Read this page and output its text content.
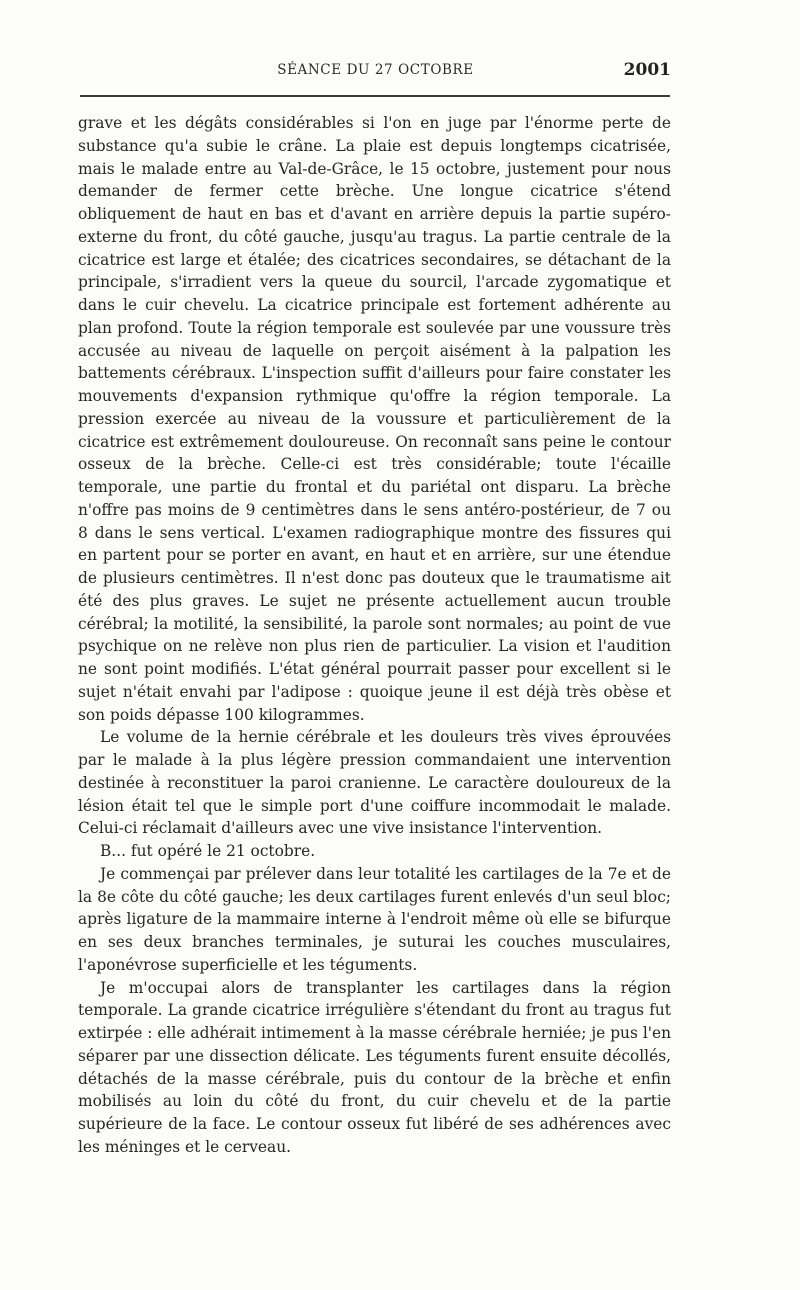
SÉANCE DU 27 OCTOBRE	2001

grave et les dégâts considérables si l'on en juge par l'énorme perte de substance qu'a subie le crâne. La plaie est depuis longtemps cicatrisée, mais le malade entre au Val-de-Grâce, le 15 octobre, justement pour nous demander de fermer cette brèche. Une longue cicatrice s'étend obliquement de haut en bas et d'avant en arrière depuis la partie supéro-externe du front, du côté gauche, jusqu'au tragus. La partie centrale de la cicatrice est large et étalée; des cicatrices secondaires, se détachant de la principale, s'irradient vers la queue du sourcil, l'arcade zygomatique et dans le cuir chevelu. La cicatrice principale est fortement adhérente au plan profond. Toute la région temporale est soulevée par une voussure très accusée au niveau de laquelle on perçoit aisément à la palpation les battements cérébraux. L'inspection suffit d'ailleurs pour faire constater les mouvements d'expansion rythmique qu'offre la région temporale. La pression exercée au niveau de la voussure et particulièrement de la cicatrice est extrêmement douloureuse. On reconnaît sans peine le contour osseux de la brèche. Celle-ci est très considérable; toute l'écaille temporale, une partie du frontal et du pariétal ont disparu. La brèche n'offre pas moins de 9 centimètres dans le sens antéro-postérieur, de 7 ou 8 dans le sens vertical. L'examen radiographique montre des fissures qui en partent pour se porter en avant, en haut et en arrière, sur une étendue de plusieurs centimètres. Il n'est donc pas douteux que le traumatisme ait été des plus graves. Le sujet ne présente actuellement aucun trouble cérébral; la motilité, la sensibilité, la parole sont normales; au point de vue psychique on ne relève non plus rien de particulier. La vision et l'audition ne sont point modifiés. L'état général pourrait passer pour excellent si le sujet n'était envahi par l'adipose : quoique jeune il est déjà très obèse et son poids dépasse 100 kilogrammes.

Le volume de la hernie cérébrale et les douleurs très vives éprouvées par le malade à la plus légère pression commandaient une intervention destinée à reconstituer la paroi cranienne. Le caractère douloureux de la lésion était tel que le simple port d'une coiffure incommodait le malade. Celui-ci réclamait d'ailleurs avec une vive insistance l'intervention.

B... fut opéré le 21 octobre.

Je commençai par prélever dans leur totalité les cartilages de la 7e et de la 8e côte du côté gauche; les deux cartilages furent enlevés d'un seul bloc; après ligature de la mammaire interne à l'endroit même où elle se bifurque en ses deux branches terminales, je suturai les couches musculaires, l'aponévrose superficielle et les téguments.

Je m'occupai alors de transplanter les cartilages dans la région temporale. La grande cicatrice irrégulière s'étendant du front au tragus fut extirpée : elle adhérait intimement à la masse cérébrale herniée; je pus l'en séparer par une dissection délicate. Les téguments furent ensuite décollés, détachés de la masse cérébrale, puis du contour de la brèche et enfin mobilisés au loin du côté du front, du cuir chevelu et de la partie supérieure de la face. Le contour osseux fut libéré de ses adhérences avec les méninges et le cerveau.
